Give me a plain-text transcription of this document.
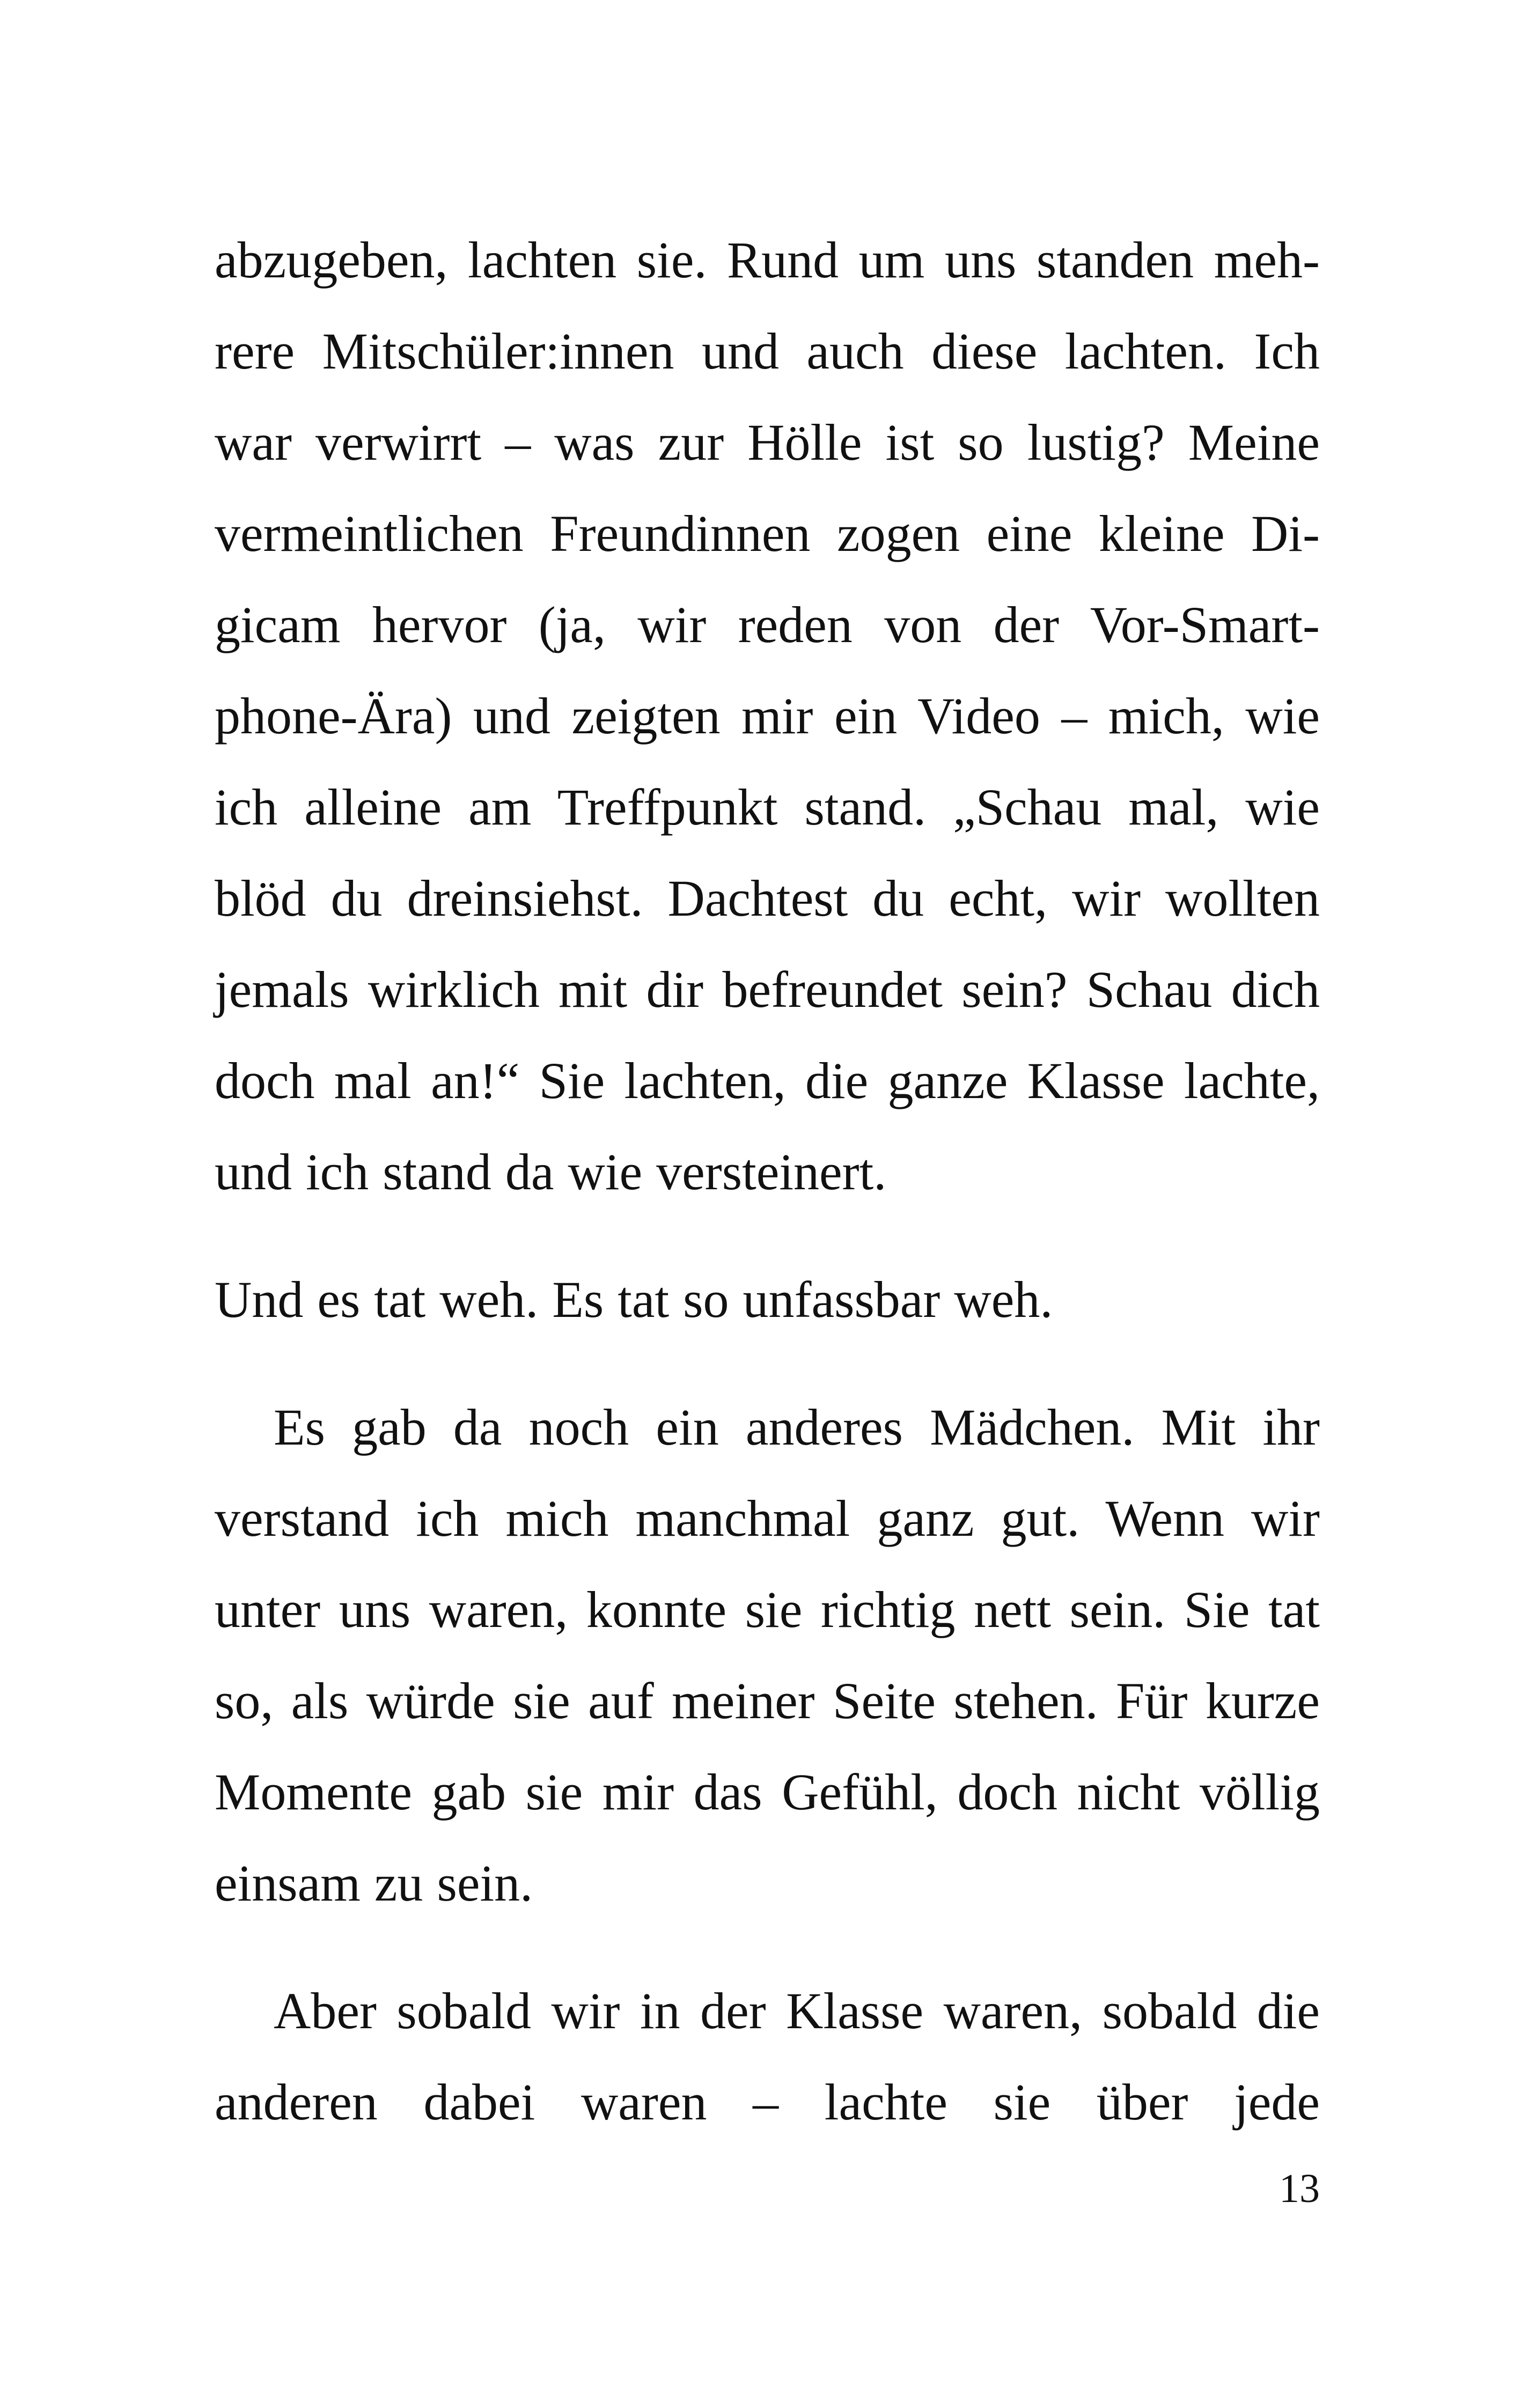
abzugeben, lachten sie. Rund um uns standen meh-
rere Mitschüler:innen und auch diese lachten. Ich
war verwirrt – was zur Hölle ist so lustig? Meine
vermeintlichen Freundinnen zogen eine kleine Di-
gicam hervor (ja, wir reden von der Vor-Smart-
phone-Ära) und zeigten mir ein Video – mich, wie
ich alleine am Treffpunkt stand. „Schau mal, wie
blöd du dreinsiehst. Dachtest du echt, wir wollten
jemals wirklich mit dir befreundet sein? Schau dich
doch mal an!“ Sie lachten, die ganze Klasse lachte,
und ich stand da wie versteinert.

Und es tat weh. Es tat so unfassbar weh.

Es gab da noch ein anderes Mädchen. Mit ihr
verstand ich mich manchmal ganz gut. Wenn wir
unter uns waren, konnte sie richtig nett sein. Sie tat
so, als würde sie auf meiner Seite stehen. Für kurze
Momente gab sie mir das Gefühl, doch nicht völlig
einsam zu sein.

Aber sobald wir in der Klasse waren, sobald die
anderen dabei waren – lachte sie über jede

13
